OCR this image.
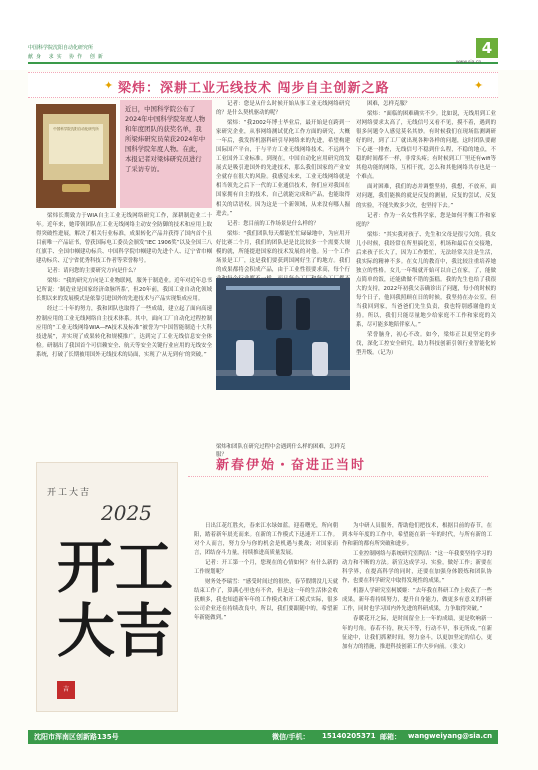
中国科学院沈阳自动化研究所
献身 求实 协作 创新	4
www.sia.cn
✦ 梁炜：深耕工业无线技术 闯步自主创新之路	✦
中国科学院沈阳自动化研究所

近日，中国科学院公布了2024年中国科学院年度人物和年度团队的获奖名单，我所梁炜研究员荣获2024年中国科学院年度人物。在此，本报记者对梁炜研究员进行了采访专访。

梁炜长期致力于WIA自主工业无线网络研究工作，深耕制造业二十年。近年来，她带领团队在工业无线网络主动安全防御的技术和应用上取得突破性进展，解决了相关行业标准，成果转化产品并获得了国内首个且目前唯一产品证书，曾获国际电工委员会颁发“IEC 1906奖”以及全国三八红旗手、全国巾帼建功标兵、中国科学院巾帼建功先进个人、辽宁省巾帼建功标兵、辽宁省优秀科技工作者等荣誉称号。

记者：请问您的主要研究方向是什么？

梁炜：“我的研究方向是工业物联网，服务于制造业。近年对近年总书记所说：‘制造业是国家经济命脉所系’，但20年前，我国工业自动化领域长期以来的发展模式是依靠引进国外的先进技术与产品实现集成应用。

经过二十年的努力，我和团队也取得了一些成绩，建立起了面向高速控制应用的工业无线网络自主技术体系。其中，面向工厂自动化过程控制应用的“工业无线网络WIA—FA技术及标准”被誉为“中国智能制造十大科技进展”，并实现了成果转化和规模推广，达到完了工业无线信息安全体检。研制出了我国首个可信赖安全、航天等安全关键行业应用的无线安全系统，打破了长期被用国外无线技术的局面，实现了‘从无到有’的突破。”

记者：您是从什么时候开始从事工业无线网络研究的？是什么契机驱动的呢？

梁炜：“我2002年博士毕业后，最开始是在跨到一家研究企业，从事网络测试优化工作方面的研究，大概一年后，我发挥机器科研引导网络来的先进，希望构建国际国产平台，于与平方工业无线网络技术。不远两个工业国外工业标准。到现在，中国自动化应用研究的发展式是吸引进国外的先进技术，那么我们国家的产业安全就存在很大的风险。我感觉未来，工业无线网络就是相当领先之后下一代的工业通信技术，你们应对我国在国家拥有自主的技术，自己就能完成和产品，也能取得相关的话语权。因为这是一个新领域，从来没有哪人掘进去。”

记者：您目前的工作场景是什么样的？

梁炜：“我们团队每天都能忙忙碌碌地中，为应用开好比赛二个月，我们的团队是是比比较多一个需要大规模的就，所能提进国家的技术发展的对他。另一个工作场景是工厂，这是我们要获到国网好生了的地方。我们的成果都将会积成产品，由于工业性很要求高，每个行

梁炜和团队在研究过程中会遇到什么样的困难，怎样克服？

困难，怎样克服？

梁炜：“面临的困难确实不少。比如说，无线用到工业对网络要求太高了，无线信号又看不见，摸不着，遇到的很多问题令人感觉莫名其妙。有时候我们在现场监测调研好的时，到了工厂就出现各种各样的问题，这时团队要耐下心逐一排查，无线信号不稳到什么程，不稳的地点，不稳的时间都不一样，非常头疼；有时候到工厂里还有wifi等其他功能的网络，互相干扰，怎么和其他网络共存也是一个难点。

面对困难，我们的态并调整坚持，我想，不放弃，面对问题，我们能换的就是反复的测量，反复的尝试，反复的实验，不能失败多少次，也坚持下去。”

记者：作为一名女性科学家，您是如何平衡工作和家庭的？

梁炜：“其实我对孩子、先生和父母是很亏欠的。我女儿小时候，我经常在所里搞化室，机场和最后在交接地，后来孩子长大了，因为工作繁忙，无法经常关注是生活，我实际的精神不多。在女儿的教育中，我比较注重培养她独立的性格。女儿一年级就开始可以自己在家，了，能做点简单的饭，还能做做不错的蛋糕。我的先生也给了我很大的支持，2022年初我父亲确诊出了问题，每小的时候的每个日子，他回我照顾在日的时候，我坚持在办公室，但当我回到家，当爸爸们先生负责，我也特别感谢他的支持。所以，我们只能尽量地少给家庭不工作和家庭的关系，尽可能多地陪伴家人。”

荣誉脑身，初心不改。如今，梁炜正以更坚定的步伐，深化工控安全研究，助力科技创新引领行业智能化转型升级。（记为）

新春伊始・奋进正当时
开工大吉
2025
开工大吉
吉

日出江花红胜火，春来江水绿如蓝。迎着曙光，所向朝阳，踏着新年晨光而来。在新的工作模式下迅速开工工作。对个人而言，努力分与你的机会是机遇与挑战；对国家而言，团结奋斗力量，持续推进高质量发展。

记者：开工第一个月，您现在的心情如何？有什么新的工作规划呢？

财务处李瑞雪：“感受时间过的很快，春节假期没几天就结束工作了，算满心里也有不舍，但是这一年的生活体会收获颇多，我也知道新年年的工作模式和开工模式实际，很多公司企业还在持续改良中，所以，我们要跟随中的，希望新年新能做到。”

为中研人员服务，帮助他们把技术，根据目前的春节，在到本年年度的工作中，希望能在新一年的时代，与所有新的工作和新的都有所突破和进步。

工业控制网络与系统研究室陶洁：“这一年我要坚持学习的动力和不断的方法。新宣达成学习、实验，做好工作；新要在科学界，在提高科学的同时，还要在加强身体锻炼和团队协作，也要在科学研究中取得发现性的成果。”

机器人学研究室柯媛姬：“去年我在科研工作上收获了一些成果，新年将持续努力，提升自身能力，做更多有意义的科研工作，同时也学习国内外先进的科研成果，力争取得突破。”

春暖花开之际，是时间留全上一年的成绩，更是吹响新一年的号角。春若不待，秋天不等，行动不早，事无所成。”在新征途中，让我们抓紧时间，努力奋斗，以更加坚定的信心，更加有力的措施，推进科技创新工作大步向前。（张文）

沈阳市浑南区创新路135号	微信/手机： 15140205371 邮箱： wangweiyang@sia.cn
